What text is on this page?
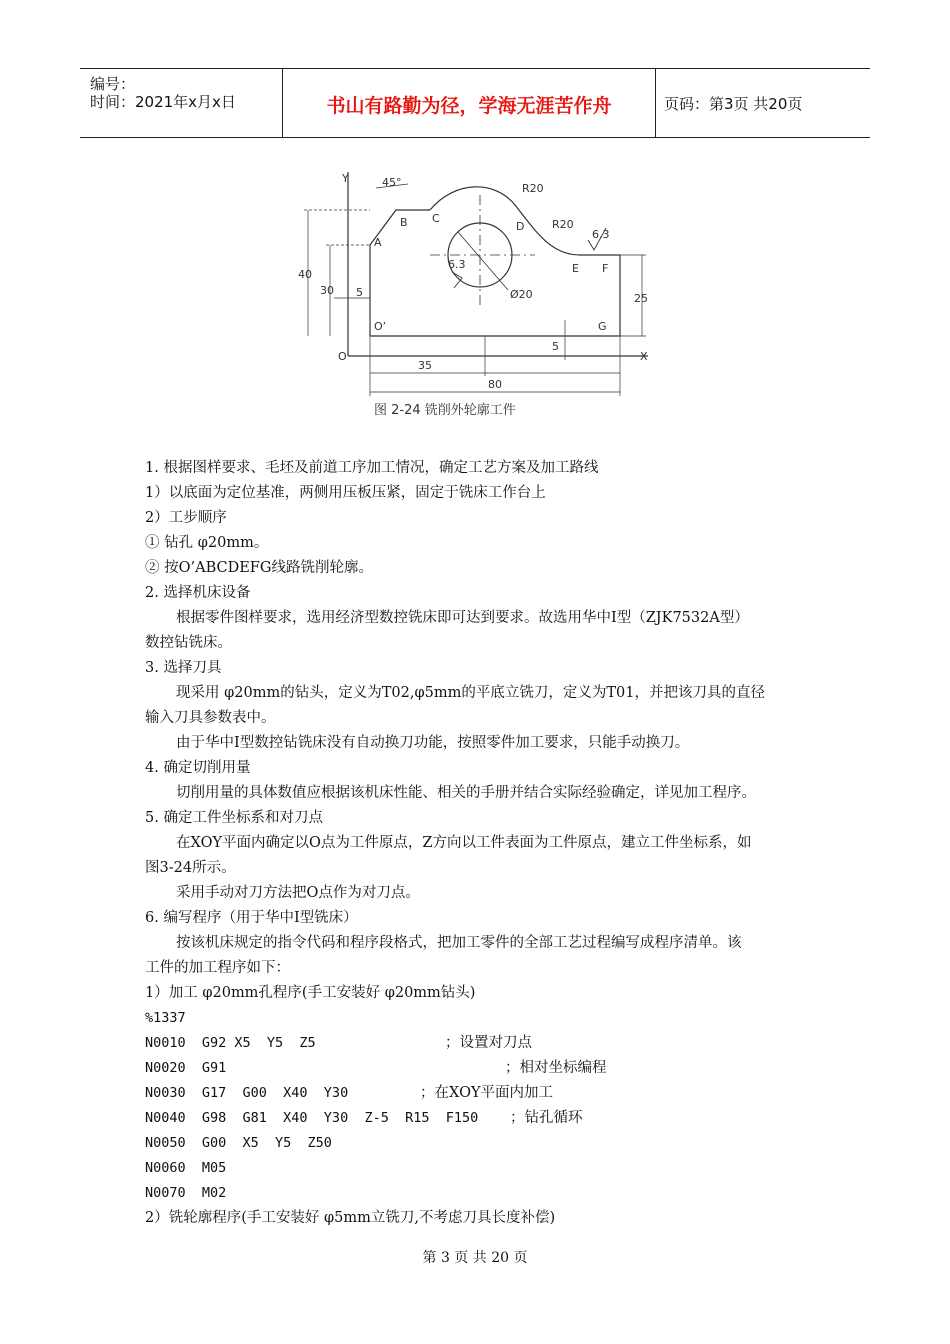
编号：
时间：2021年x月x日	书山有路勤为径，学海无涯苦作舟	页码：第3页 共20页
Y
X
O
O’
A
B C
D
E F
G
45°	R20
R20
Ø20
6.3
6.3
40
30 5
35
80
25
5
图 2-24 铣削外轮廓工件
1. 根据图样要求、毛坯及前道工序加工情况，确定工艺方案及加工路线
1）以底面为定位基准，两侧用压板压紧，固定于铣床工作台上
2）工步顺序
① 钻孔 φ20mm。
② 按O’ABCDEFG线路铣削轮廓。
2. 选择机床设备
根据零件图样要求，选用经济型数控铣床即可达到要求。故选用华中Ⅰ型（ZJK7532A型）
数控钻铣床。
3. 选择刀具
现采用 φ20mm的钻头，定义为T02,φ5mm的平底立铣刀，定义为T01，并把该刀具的直径
输入刀具参数表中。
由于华中Ⅰ型数控钻铣床没有自动换刀功能，按照零件加工要求，只能手动换刀。
4. 确定切削用量
切削用量的具体数值应根据该机床性能、相关的手册并结合实际经验确定，详见加工程序。
5. 确定工件坐标系和对刀点
在XOY平面内确定以O点为工件原点，Z方向以工件表面为工件原点，建立工件坐标系，如
图3-24所示。
采用手动对刀方法把O点作为对刀点。
6. 编写程序（用于华中Ⅰ型铣床）
按该机床规定的指令代码和程序段格式，把加工零件的全部工艺过程编写成程序清单。该
工件的加工程序如下：
1）加工 φ20mm孔程序(手工安装好 φ20mm钻头)
%1337
N0010  G92 X5  Y5  Z5	；设置对刀点
N0020  G91	；相对坐标编程
N0030  G17  G00  X40  Y30	；在XOY平面内加工
N0040  G98  G81  X40  Y30  Z-5  R15  F150 ；钻孔循环
N0050  G00  X5  Y5  Z50
N0060  M05
N0070  M02
2）铣轮廓程序(手工安装好 φ5mm立铣刀,不考虑刀具长度补偿)
第 3 页 共 20 页
